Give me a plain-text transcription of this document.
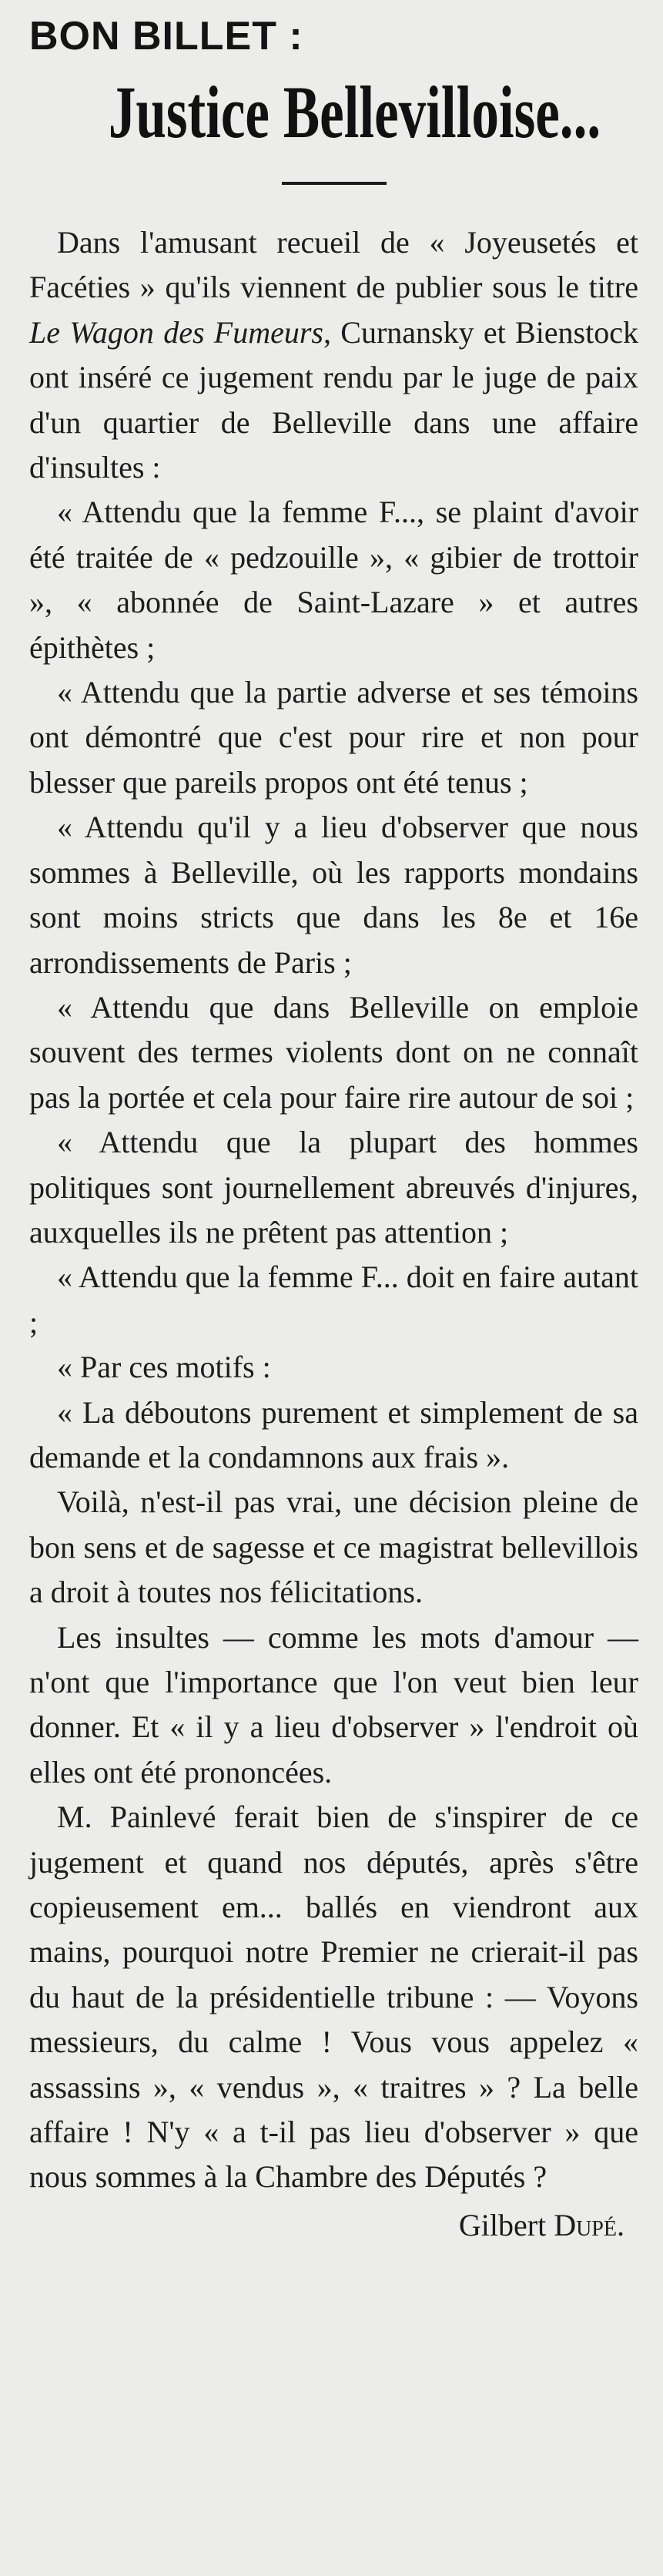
BON BILLET :
Justice Bellevilloise...

Dans l'amusant recueil de « Joyeusetés et Facéties » qu'ils viennent de publier sous le titre Le Wagon des Fumeurs, Curnansky et Bienstock ont inséré ce jugement rendu par le juge de paix d'un quartier de Belleville dans une affaire d'insultes :

« Attendu que la femme F..., se plaint d'avoir été traitée de « pedzouille », « gibier de trottoir », « abonnée de Saint-Lazare » et autres épithètes ;

« Attendu que la partie adverse et ses témoins ont démontré que c'est pour rire et non pour blesser que pareils propos ont été tenus ;

« Attendu qu'il y a lieu d'observer que nous sommes à Belleville, où les rapports mondains sont moins stricts que dans les 8e et 16e arrondissements de Paris ;

« Attendu que dans Belleville on emploie souvent des termes violents dont on ne connaît pas la portée et cela pour faire rire autour de soi ;

« Attendu que la plupart des hommes politiques sont journellement abreuvés d'injures, auxquelles ils ne prêtent pas attention ;

« Attendu que la femme F... doit en faire autant ;

« Par ces motifs :

« La déboutons purement et simplement de sa demande et la condamnons aux frais ».

Voilà, n'est-il pas vrai, une décision pleine de bon sens et de sagesse et ce magistrat bellevillois a droit à toutes nos félicitations.

Les insultes — comme les mots d'amour — n'ont que l'importance que l'on veut bien leur donner. Et « il y a lieu d'observer » l'endroit où elles ont été prononcées.

M. Painlevé ferait bien de s'inspirer de ce jugement et quand nos députés, après s'être copieusement em... ballés en viendront aux mains, pourquoi notre Premier ne crierait-il pas du haut de la présidentielle tribune : — Voyons messieurs, du calme ! Vous vous appelez « assassins », « vendus », « traitres » ? La belle affaire ! N'y « a t-il pas lieu d'observer » que nous sommes à la Chambre des Députés ?

Gilbert Dupé.
